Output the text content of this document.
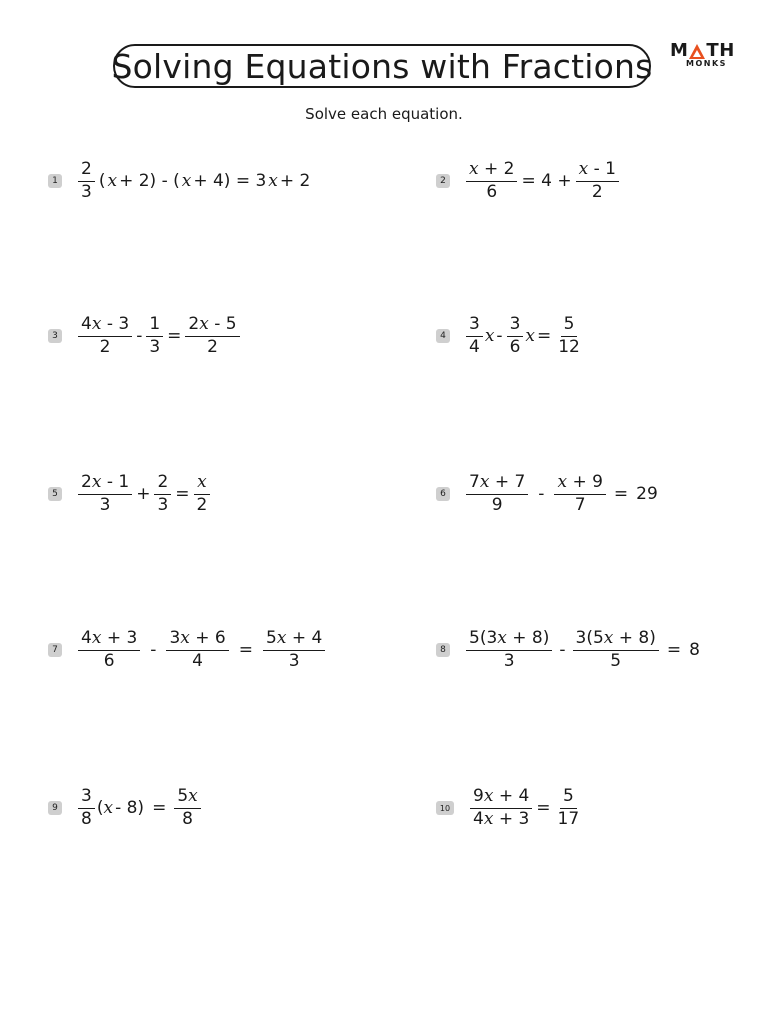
Solving Equations with Fractions M TH
MONKS
Solve each equation.
$1 \frac{2}{3}$ ( x + 2) - ( x + 4) = 3 x + 2	$2 \frac{x + 2}{6} = 4 + \frac{x - 1}{2}$
$3 \frac{4x - 3}{2} - \frac{1}{3} = \frac{2x - 5}{2}$	$4 \frac{3}{4}$ x - $\frac{3}{6}$ $x = \frac{5}{12}$
$5 \frac{2x - 1}{3} + \frac{2}{3} = \frac{x}{2}$	$6 \frac{7x + 7}{9} - \frac{x + 9}{7} = 29$
$7 \frac{4x + 3}{6} - \frac{3x + 6}{4} = \frac{5x + 4}{3}$	$8 \frac{5(3x + 8)}{3} - \frac{3(5x + 8)}{5} = 8$
$9 \frac{3}{8}$ ( $x - 8) = \frac{5x}{8}$	$10 \frac{9x + 4}{4x + 3} = \frac{5}{17}$
